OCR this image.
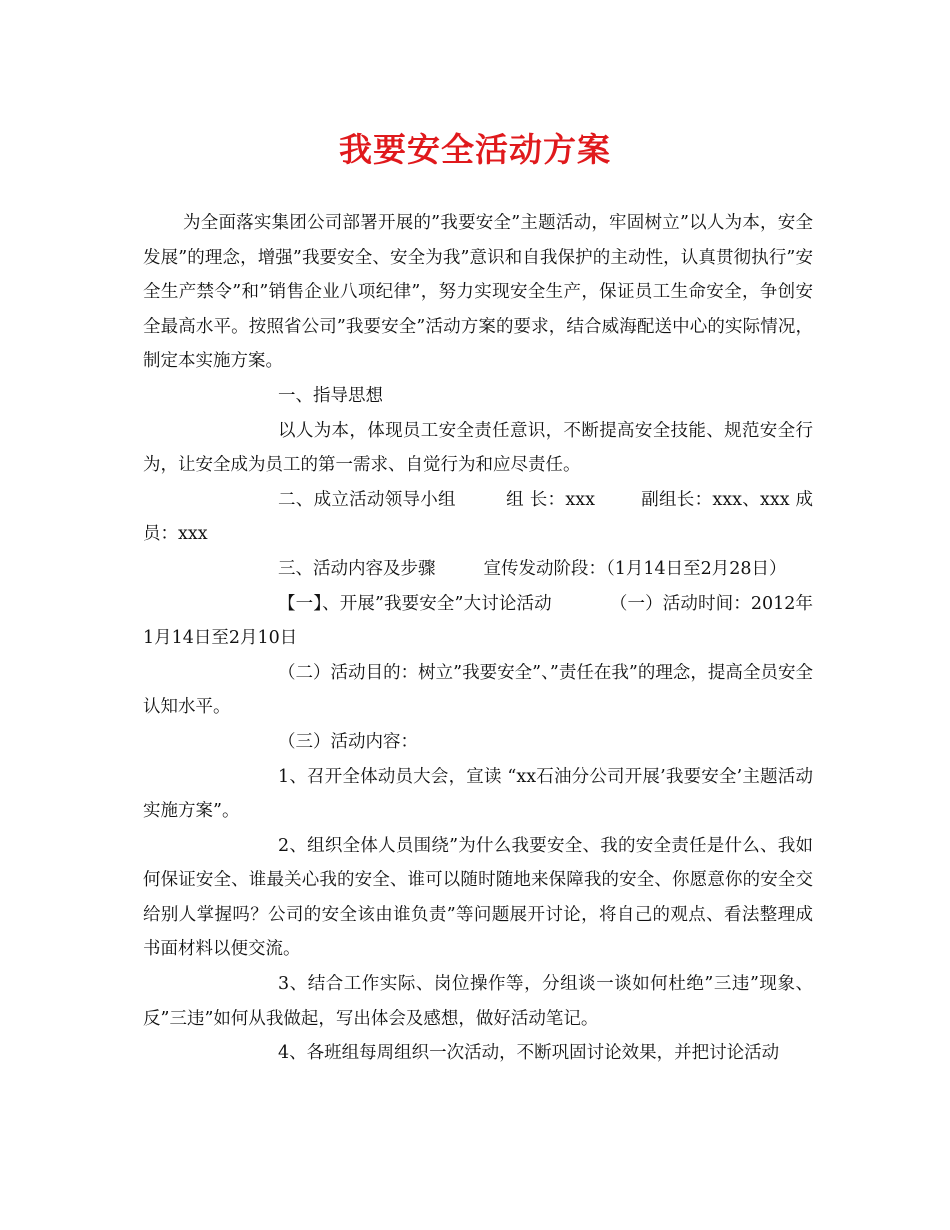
我要安全活动方案

为全面落实集团公司部署开展的”我要安全”主题活动，牢固树立”以人为本，安全发展”的理念，增强”我要安全、安全为我”意识和自我保护的主动性，认真贯彻执行”安全生产禁令”和”销售企业八项纪律”，努力实现安全生产，保证员工生命安全，争创安全最高水平。按照省公司”我要安全”活动方案的要求，结合威海配送中心的实际情况，制定本实施方案。

一、指导思想

以人为本，体现员工安全责任意识，不断提高安全技能、规范安全行为，让安全成为员工的第一需求、自觉行为和应尽责任。

二、成立活动领导小组	组 长：xxx	副组长：xxx、xxx 成 员：xxx

三、活动内容及步骤	宣传发动阶段：（1月14日至2月28日）

【一】、开展”我要安全”大讨论活动	（一）活动时间：2012年1月14日至2月10日

（二）活动目的：树立”我要安全”、”责任在我”的理念，提高全员安全认知水平。

（三）活动内容：

1、召开全体动员大会，宣读 “xx石油分公司开展’我要安全’主题活动实施方案”。

2、组织全体人员围绕”为什么我要安全、我的安全责任是什么、我如何保证安全、谁最关心我的安全、谁可以随时随地来保障我的安全、你愿意你的安全交给别人掌握吗？公司的安全该由谁负责”等问题展开讨论，将自己的观点、看法整理成书面材料以便交流。

3、结合工作实际、岗位操作等，分组谈一谈如何杜绝”三违”现象、反”三违”如何从我做起，写出体会及感想，做好活动笔记。

4、各班组每周组织一次活动，不断巩固讨论效果，并把讨论活动
